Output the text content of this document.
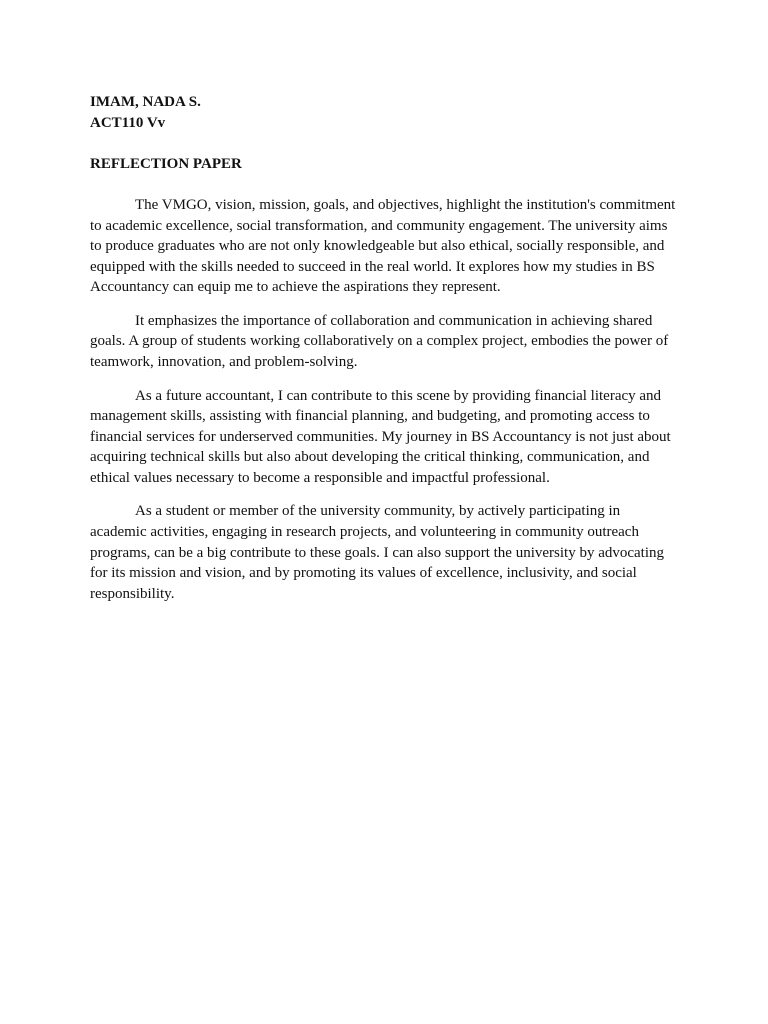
IMAM, NADA S.

ACT110 Vv

REFLECTION PAPER

The VMGO, vision, mission, goals, and objectives, highlight the institution's commitment to academic excellence, social transformation, and community engagement. The university aims to produce graduates who are not only knowledgeable but also ethical, socially responsible, and equipped with the skills needed to succeed in the real world. It explores how my studies in BS Accountancy can equip me to achieve the aspirations they represent.

It emphasizes the importance of collaboration and communication in achieving shared goals. A group of students working collaboratively on a complex project, embodies the power of teamwork, innovation, and problem-solving.

As a future accountant, I can contribute to this scene by providing financial literacy and management skills, assisting with financial planning, and budgeting, and promoting access to financial services for underserved communities. My journey in BS Accountancy is not just about acquiring technical skills but also about developing the critical thinking, communication, and ethical values necessary to become a responsible and impactful professional.

As a student or member of the university community, by actively participating in academic activities, engaging in research projects, and volunteering in community outreach programs, can be a big contribute to these goals. I can also support the university by advocating for its mission and vision, and by promoting its values of excellence, inclusivity, and social responsibility.
